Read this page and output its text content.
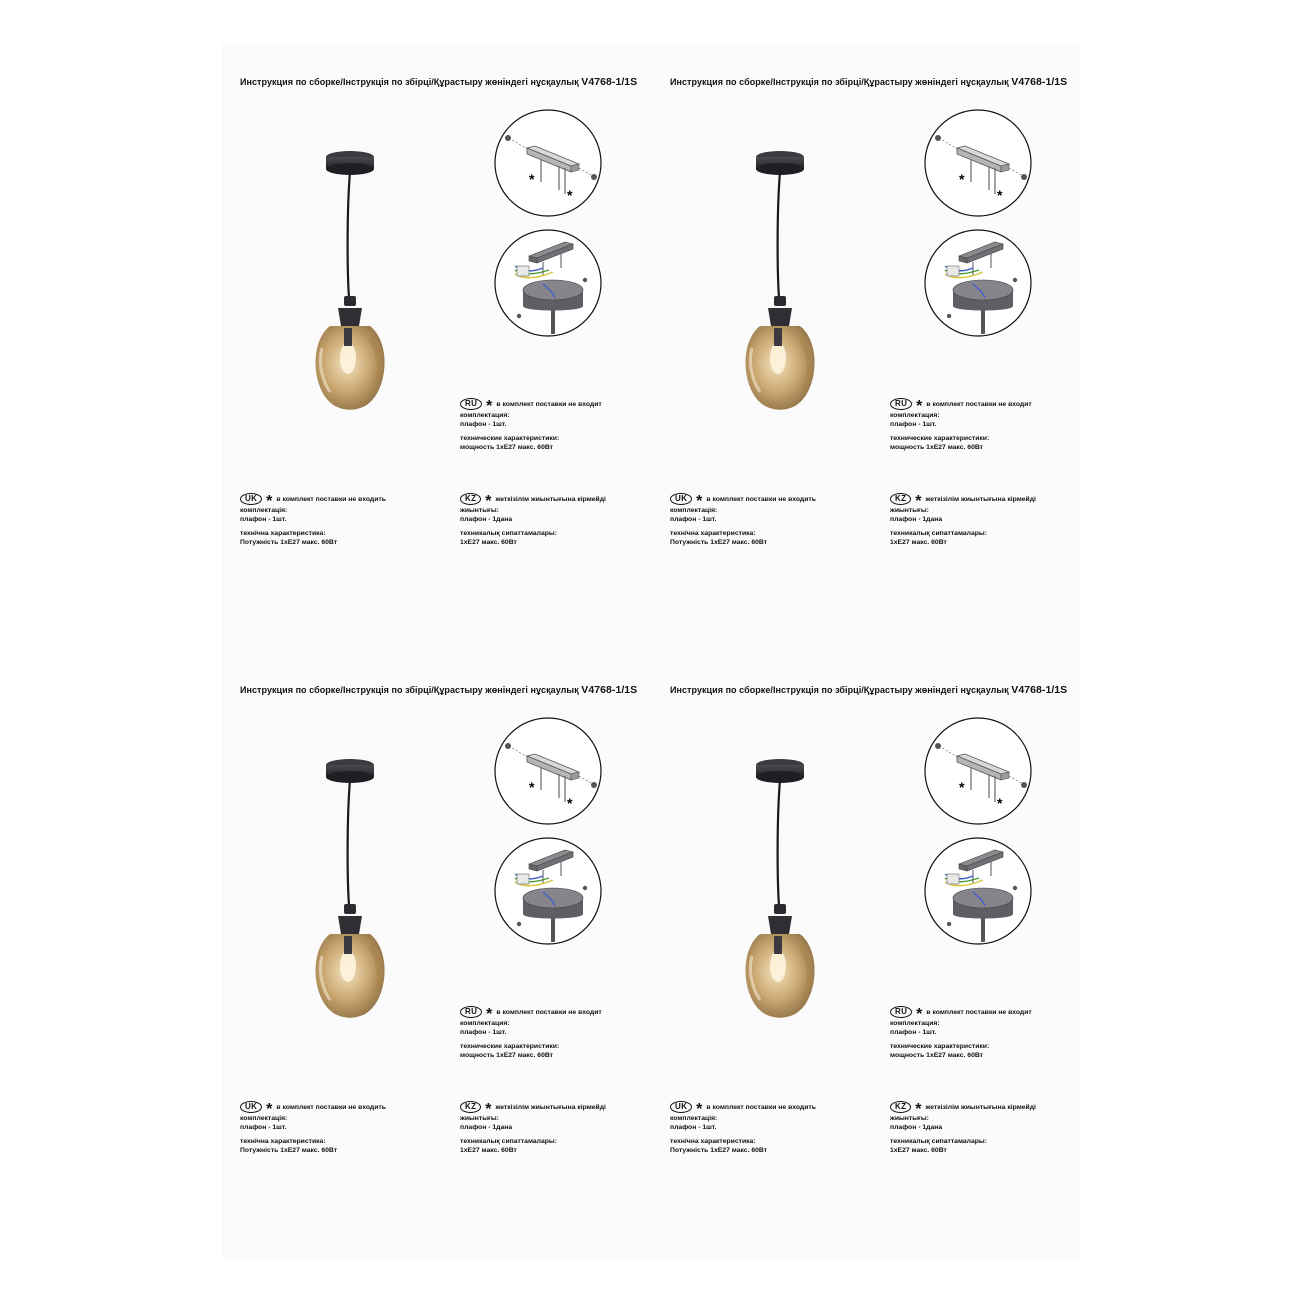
Инструкция по сборке/Інструкція по збірці/Құрастыру жөніндегі нұсқаулық V4768-1/1S
*
*
RU * в комплект поставки не входит
комплектация:
плафон - 1шт.
технические характеристики:
мощность 1xE27 макс. 60Вт
UK * в комплект поставки не входить
комплектація:
плафон - 1шт.
технічна характеристика:
Потужність 1xE27 макс. 60Вт
KZ * жеткізілім жиынтығына кірмейді
жиынтығы:
плафон - 1дана
техникалық сипаттамалары:
1xE27 макс. 60Вт
Инструкция по сборке/Інструкція по збірці/Құрастыру жөніндегі нұсқаулық V4768-1/1S
*
*
RU * в комплект поставки не входит
комплектация:
плафон - 1шт.
технические характеристики:
мощность 1xE27 макс. 60Вт
UK * в комплект поставки не входить
комплектація:
плафон - 1шт.
технічна характеристика:
Потужність 1xE27 макс. 60Вт
KZ * жеткізілім жиынтығына кірмейді
жиынтығы:
плафон - 1дана
техникалық сипаттамалары:
1xE27 макс. 60Вт
Инструкция по сборке/Інструкція по збірці/Құрастыру жөніндегі нұсқаулық V4768-1/1S
*
*
RU * в комплект поставки не входит
комплектация:
плафон - 1шт.
технические характеристики:
мощность 1xE27 макс. 60Вт
UK * в комплект поставки не входить
комплектація:
плафон - 1шт.
технічна характеристика:
Потужність 1xE27 макс. 60Вт
KZ * жеткізілім жиынтығына кірмейді
жиынтығы:
плафон - 1дана
техникалық сипаттамалары:
1xE27 макс. 60Вт
Инструкция по сборке/Інструкція по збірці/Құрастыру жөніндегі нұсқаулық V4768-1/1S
*
*
RU * в комплект поставки не входит
комплектация:
плафон - 1шт.
технические характеристики:
мощность 1xE27 макс. 60Вт
UK * в комплект поставки не входить
комплектація:
плафон - 1шт.
технічна характеристика:
Потужність 1xE27 макс. 60Вт
KZ * жеткізілім жиынтығына кірмейді
жиынтығы:
плафон - 1дана
техникалық сипаттамалары:
1xE27 макс. 60Вт
